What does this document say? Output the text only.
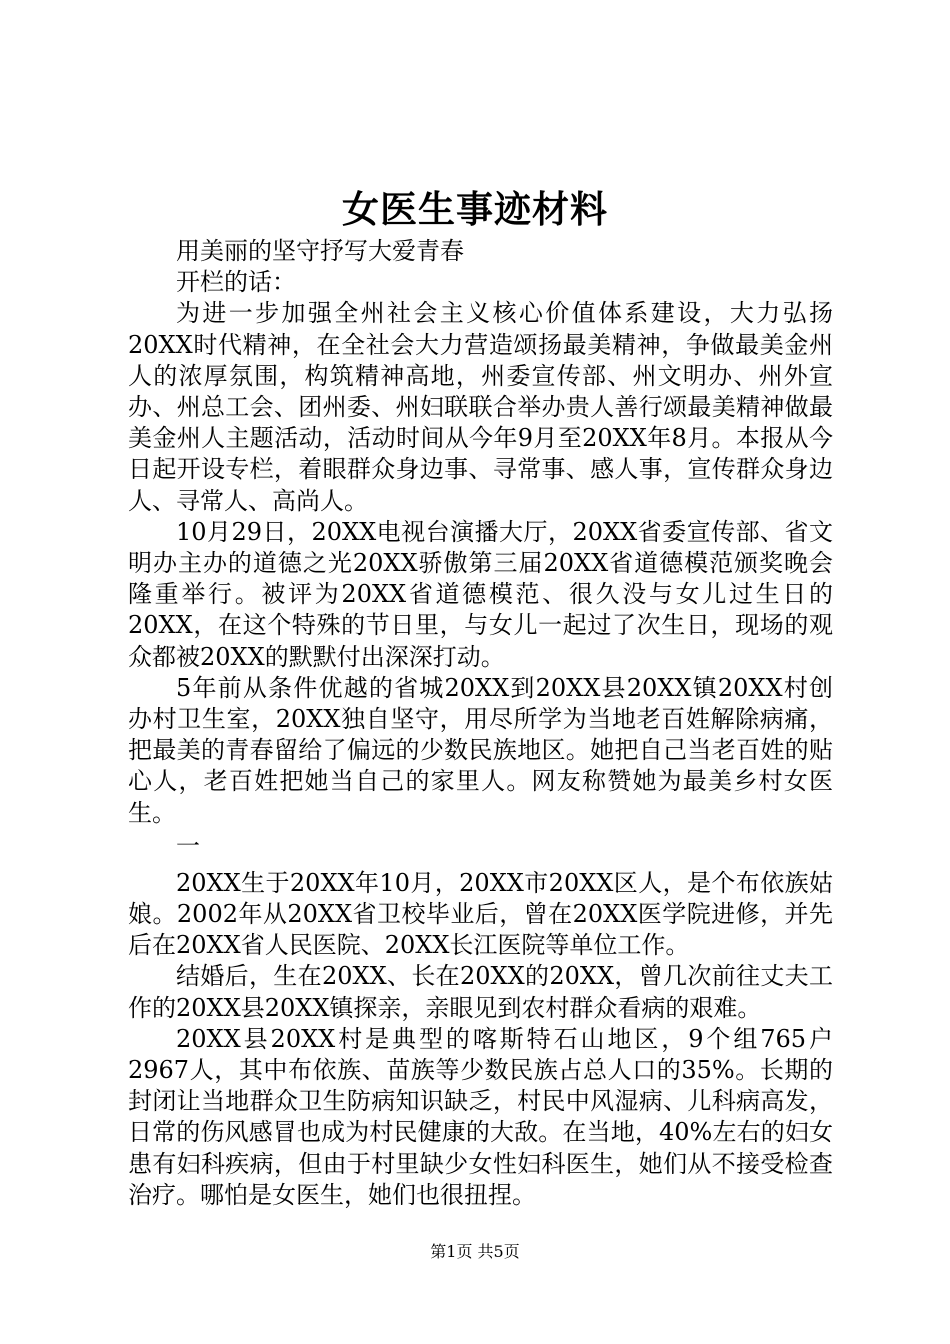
女医生事迹材料

用美丽的坚守抒写大爱青春

开栏的话：

为进一步加强全州社会主义核心价值体系建设，大力弘扬20XX时代精神，在全社会大力营造颂扬最美精神，争做最美金州人的浓厚氛围，构筑精神高地，州委宣传部、州文明办、州外宣办、州总工会、团州委、州妇联联合举办贵人善行颂最美精神做最美金州人主题活动，活动时间从今年9月至20XX年8月。本报从今日起开设专栏，着眼群众身边事、寻常事、感人事，宣传群众身边人、寻常人、高尚人。

10月29日，20XX电视台演播大厅，20XX省委宣传部、省文明办主办的道德之光20XX骄傲第三届20XX省道德模范颁奖晚会隆重举行。被评为20XX省道德模范、很久没与女儿过生日的20XX，在这个特殊的节日里，与女儿一起过了次生日，现场的观众都被20XX的默默付出深深打动。

5年前从条件优越的省城20XX到20XX县20XX镇20XX村创办村卫生室，20XX独自坚守，用尽所学为当地老百姓解除病痛，把最美的青春留给了偏远的少数民族地区。她把自己当老百姓的贴心人，老百姓把她当自己的家里人。网友称赞她为最美乡村女医生。

一

20XX生于20XX年10月，20XX市20XX区人，是个布依族姑娘。2002年从20XX省卫校毕业后，曾在20XX医学院进修，并先后在20XX省人民医院、20XX长江医院等单位工作。

结婚后，生在20XX、长在20XX的20XX，曾几次前往丈夫工作的20XX县20XX镇探亲，亲眼见到农村群众看病的艰难。

20XX县20XX村是典型的喀斯特石山地区，9个组765户2967人，其中布依族、苗族等少数民族占总人口的35%。长期的封闭让当地群众卫生防病知识缺乏，村民中风湿病、儿科病高发，日常的伤风感冒也成为村民健康的大敌。在当地，40%左右的妇女患有妇科疾病，但由于村里缺少女性妇科医生，她们从不接受检查治疗。哪怕是女医生，她们也很扭捏。

第1页 共5页
